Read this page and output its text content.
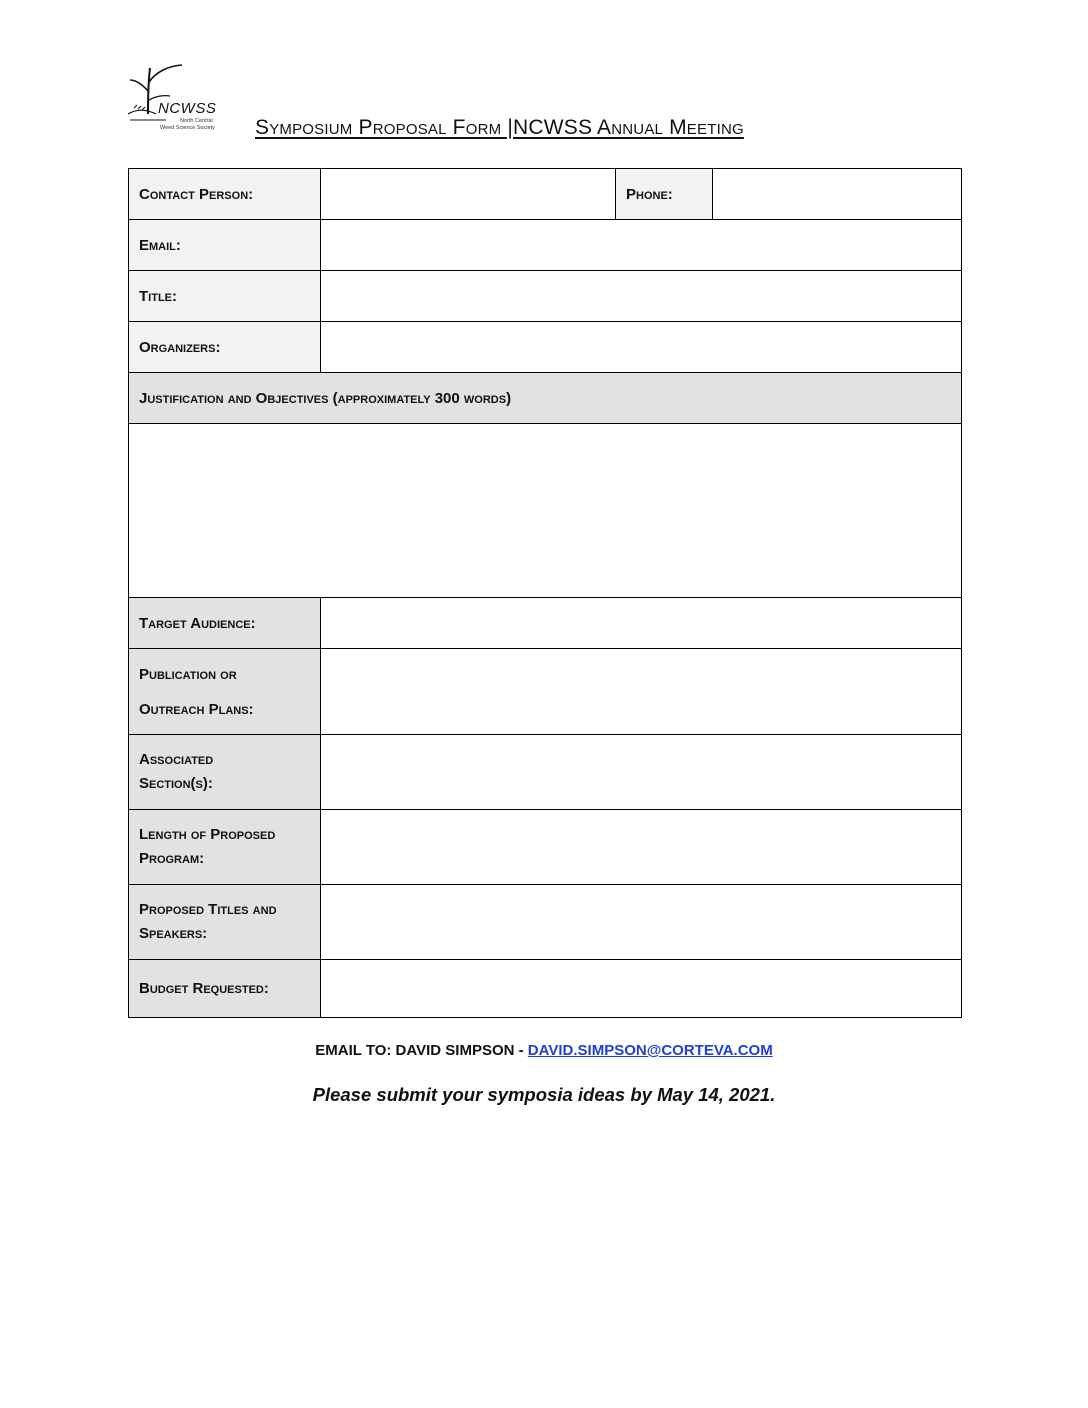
NCWSS
North Central
Weed Science Society Symposium Proposal Form |NCWSS Annual Meeting
Contact Person:		Phone:	
Email:			
Title:			
Organizers:			
Justification and Objectives (approximately 300 words)			

Target Audience:			

Publication or
Outreach Plans:			

Associated
Section(s):			

Length of Proposed
Program:			

Proposed Titles and
Speakers:			

Budget Requested:			
EMAIL TO: DAVID SIMPSON - DAVID.SIMPSON@CORTEVA.COM
Please submit your symposia ideas by May 14, 2021.
